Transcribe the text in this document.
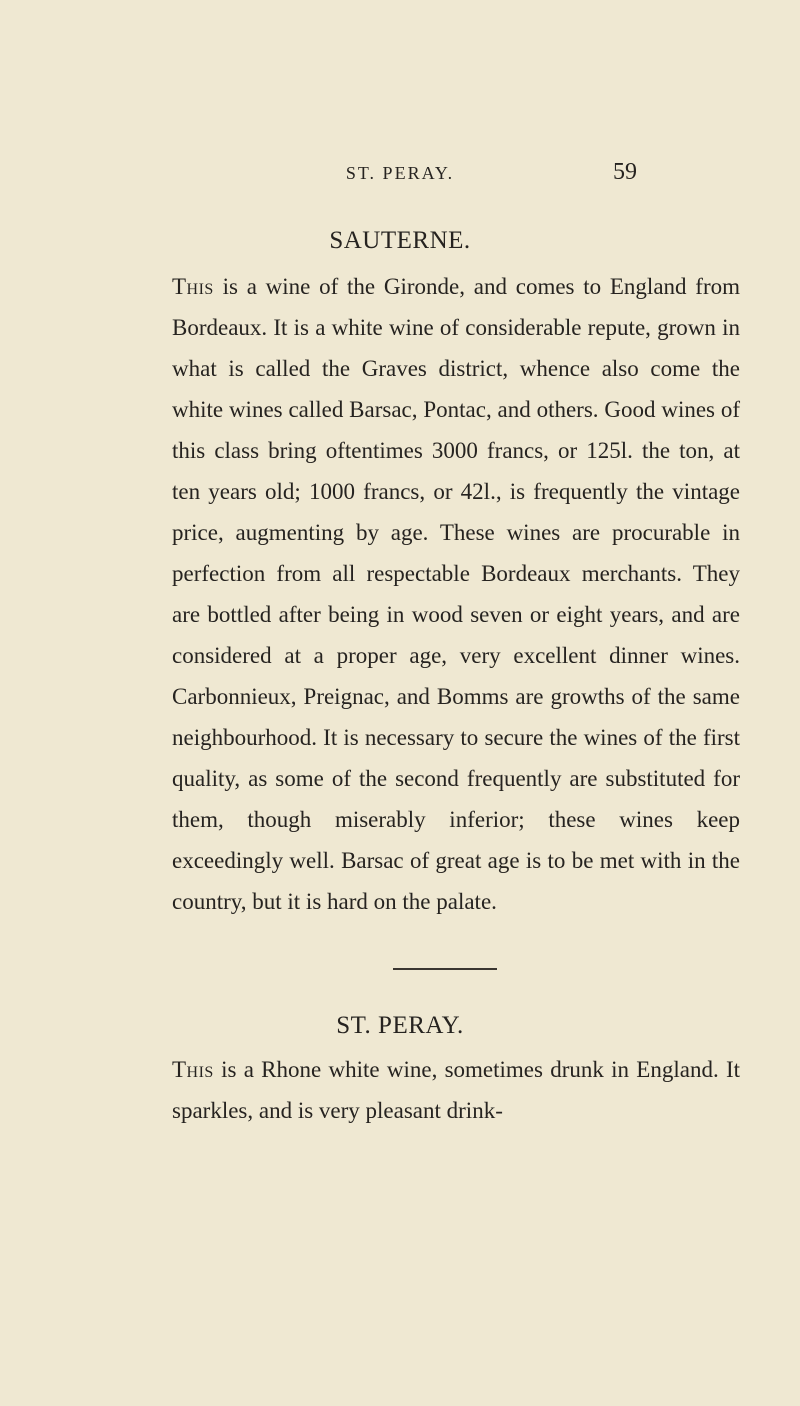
ST. PERAY.	59
SAUTERNE.

This is a wine of the Gironde, and comes to England from Bordeaux. It is a white wine of considerable repute, grown in what is called the Graves district, whence also come the white wines called Barsac, Pontac, and others. Good wines of this class bring oftentimes 3000 francs, or 125l. the ton, at ten years old; 1000 francs, or 42l., is frequently the vintage price, augmenting by age. These wines are procurable in perfection from all respectable Bordeaux merchants. They are bottled after being in wood seven or eight years, and are considered at a proper age, very excellent dinner wines. Carbonnieux, Preignac, and Bomms are growths of the same neighbourhood. It is necessary to secure the wines of the first quality, as some of the second frequently are substituted for them, though miserably inferior; these wines keep exceedingly well. Barsac of great age is to be met with in the country, but it is hard on the palate.

ST. PERAY.

This is a Rhone white wine, sometimes drunk in England. It sparkles, and is very pleasant drink-
